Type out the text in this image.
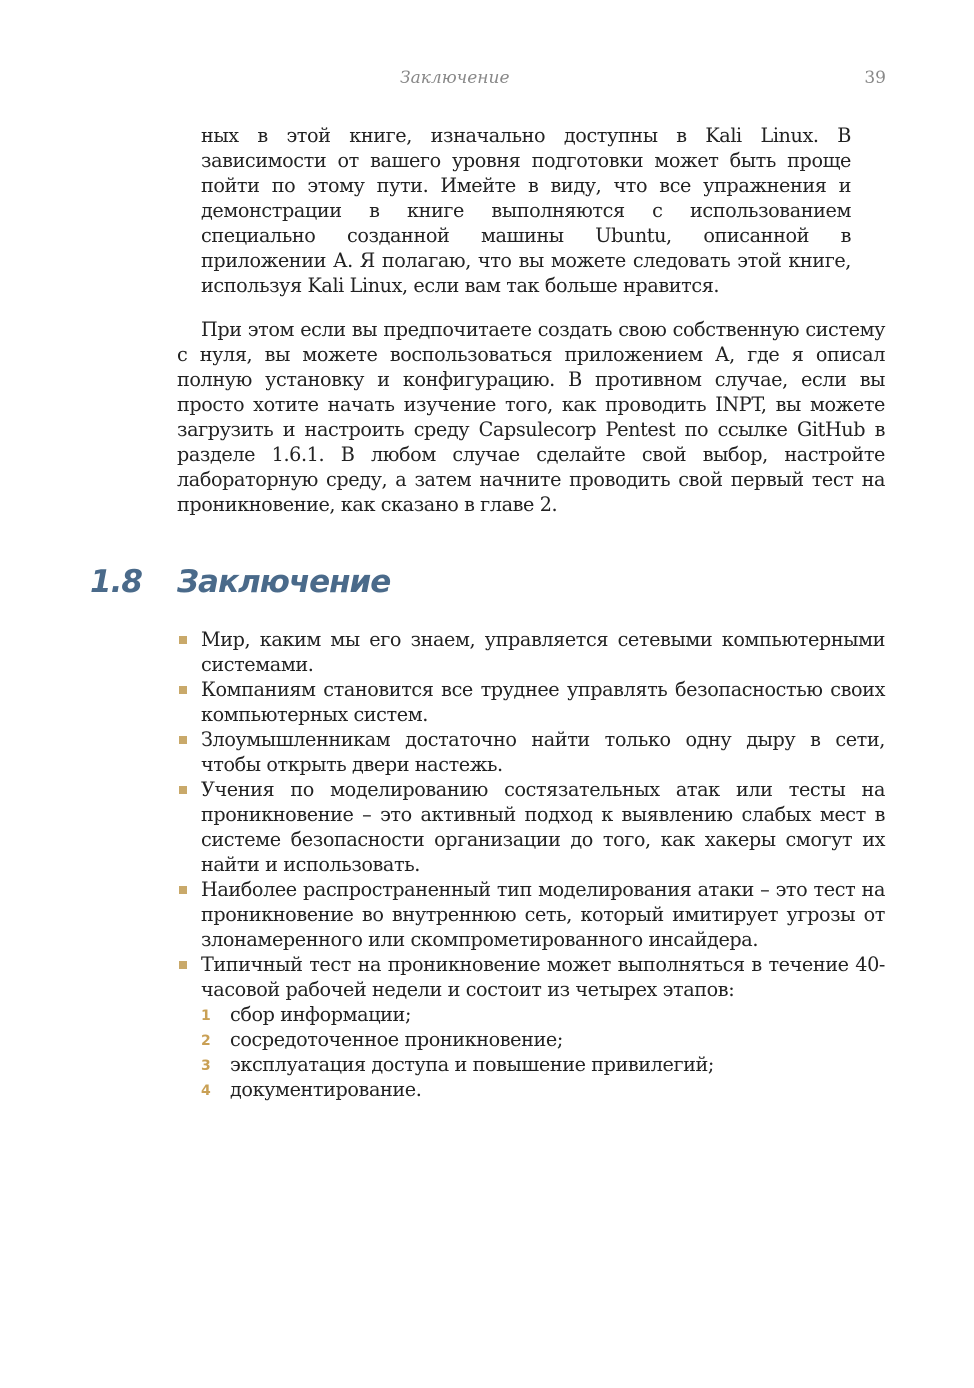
Заключение	39

ных в этой книге, изначально доступны в Kali Linux. В зависимости от вашего уровня подготовки может быть проще пойти по этому пути. Имейте в виду, что все упражнения и демонстрации в книге выполняются с использованием специально созданной машины Ubuntu, описанной в приложении А. Я полагаю, что вы можете следовать этой книге, используя Kali Linux, если вам так больше нравится.

При этом если вы предпочитаете создать свою собственную систему с нуля, вы можете воспользоваться приложением А, где я описал полную установку и конфигурацию. В противном случае, если вы просто хотите начать изучение того, как проводить INPT, вы можете загрузить и настроить среду Capsulecorp Pentest по ссылке GitHub в разделе 1.6.1. В любом случае сделайте свой выбор, настройте лабораторную среду, а затем начните проводить свой первый тест на проникновение, как сказано в главе 2.

1.8 Заключение
Мир, каким мы его знаем, управляется сетевыми компьютерными системами.
Компаниям становится все труднее управлять безопасностью своих компьютерных систем.
Злоумышленникам достаточно найти только одну дыру в сети, чтобы открыть двери настежь.
Учения по моделированию состязательных атак или тесты на проникновение – это активный подход к выявлению слабых мест в системе безопасности организации до того, как хакеры смогут их найти и использовать.
Наиболее распространенный тип моделирования атаки – это тест на проникновение во внутреннюю сеть, который имитирует угрозы от злонамеренного или скомпрометированного инсайдера.
Типичный тест на проникновение может выполняться в течение 40-часовой рабочей недели и состоит из четырех этапов:
1 сбор информации;
2 сосредоточенное проникновение;
3 эксплуатация доступа и повышение привилегий;
4 документирование.
